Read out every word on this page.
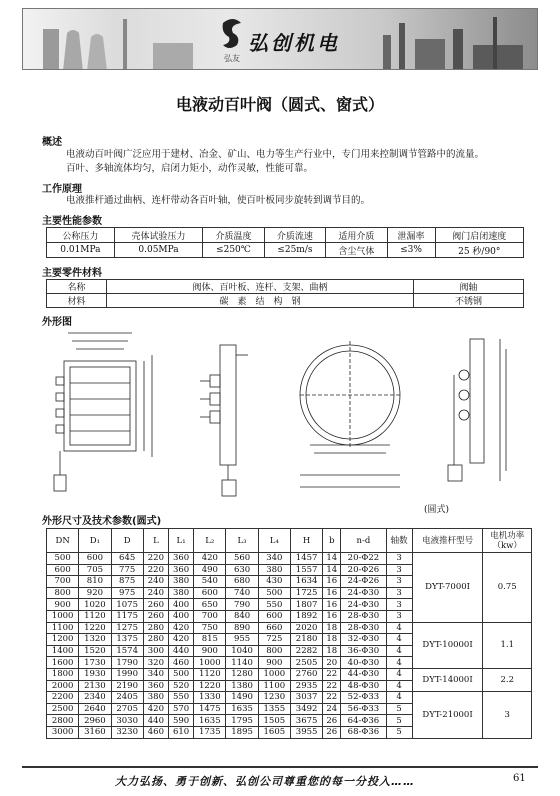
弘创机电
弘友
电液动百叶阀（圆式、窗式）
概述
电液动百叶阀广泛应用于建材、冶金、矿山、电力等生产行业中，专门用来控制调节管路中的流量。
百叶、多轴流体均匀，启闭力矩小，动作灵敏，性能可靠。
工作原理
电液推杆通过曲柄、连杆带动各百叶轴，使百叶板同步旋转到调节目的。
主要性能参数
公称压力	壳体试验压力	介质温度	介质流速	适用介质	泄漏率	阀门启闭速度
0.01MPa	0.05MPa	≤250℃	≤25m/s	含尘气体	≤3%	25 秒/90°
主要零件材料
名称	阀体、百叶板、连杆、支架、曲柄	阀轴
材料	碳　素　结　构　钢	不锈钢
外形图
(圆式)
外形尺寸及技术参数(圆式)
DN	D₁	D	L	L₁	L₂	L₃	L₄	H	b	n-d	轴数	电液推杆型号	电机功率
（kw）
500	600	645	220	360	420	560	340	1457	14	20-Φ22	3	DYT-7000I	0.75
600	705	775	220	360	490	630	380	1557	14	20-Φ26	3		
700	810	875	240	380	540	680	430	1634	16	24-Φ26	3		
800	920	975	240	380	600	740	500	1725	16	24-Φ30	3		
900	1020	1075	260	400	650	790	550	1807	16	24-Φ30	3		
1000	1120	1175	260	400	700	840	600	1892	16	28-Φ30	3		
1100	1220	1275	280	420	750	890	660	2020	18	28-Φ30	4	DYT-10000I	1.1
1200	1320	1375	280	420	815	955	725	2180	18	32-Φ30	4		
1400	1520	1574	300	440	900	1040	800	2282	18	36-Φ30	4		
1600	1730	1790	320	460	1000	1140	900	2505	20	40-Φ30	4		
1800	1930	1990	340	500	1120	1280	1000	2760	22	44-Φ30	4	DYT-14000I	2.2
2000	2130	2190	360	520	1220	1380	1100	2935	22	48-Φ30	4		
2200	2340	2405	380	550	1330	1490	1230	3037	22	52-Φ33	4	DYT-21000I	3
2500	2640	2705	420	570	1475	1635	1355	3492	24	56-Φ33	5		
2800	2960	3030	440	590	1635	1795	1505	3675	26	64-Φ36	5		
3000	3160	3230	460	610	1735	1895	1605	3955	26	68-Φ36	5		
大力弘扬、勇于创新、弘创公司尊重您的每一分投入……	61
